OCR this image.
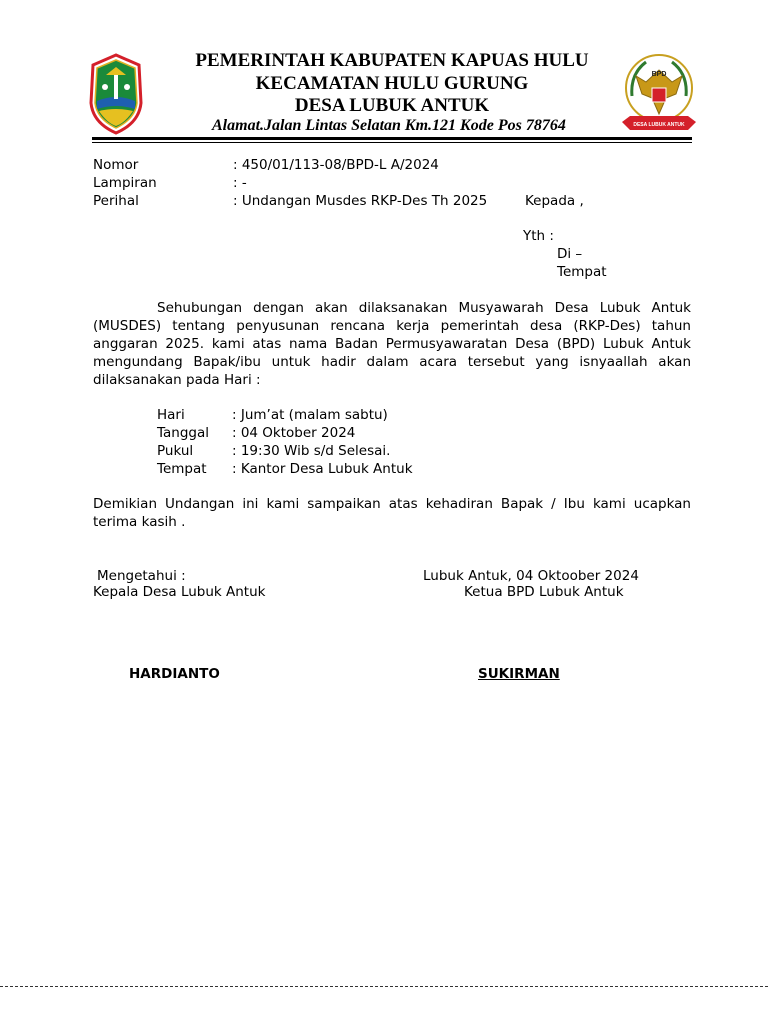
BPD
DESA LUBUK ANTUK
PEMERINTAH KABUPATEN KAPUAS HULU
KECAMATAN HULU GURUNG
DESA LUBUK ANTUK
Alamat.Jalan Lintas Selatan Km.121 Kode Pos 78764
Nomor	: 450/01/113-08/BPD-L A/2024
Lampiran	: -
Perihal	: Undangan Musdes RKP-Des Th 2025	Kepada ,
Yth :
Di –
Tempat

Sehubungan dengan akan dilaksanakan Musyawarah Desa Lubuk Antuk (MUSDES) tentang penyusunan rencana kerja pemerintah desa (RKP-Des) tahun anggaran 2025. kami atas nama Badan Permusyawaratan Desa (BPD) Lubuk Antuk mengundang Bapak/ibu untuk hadir dalam acara tersebut yang isnyaallah akan dilaksanakan pada Hari :

Hari	: Jum’at (malam sabtu)
Tanggal : 04 Oktober 2024
Pukul	: 19:30 Wib s/d Selesai.
Tempat : Kantor Desa Lubuk Antuk

Demikian Undangan ini kami sampaikan atas kehadiran Bapak / Ibu kami ucapkan terima kasih .

Mengetahui :
Kepala Desa Lubuk Antuk
Lubuk Antuk, 04 Oktoober 2024
Ketua BPD Lubuk Antuk
HARDIANTO	SUKIRMAN
